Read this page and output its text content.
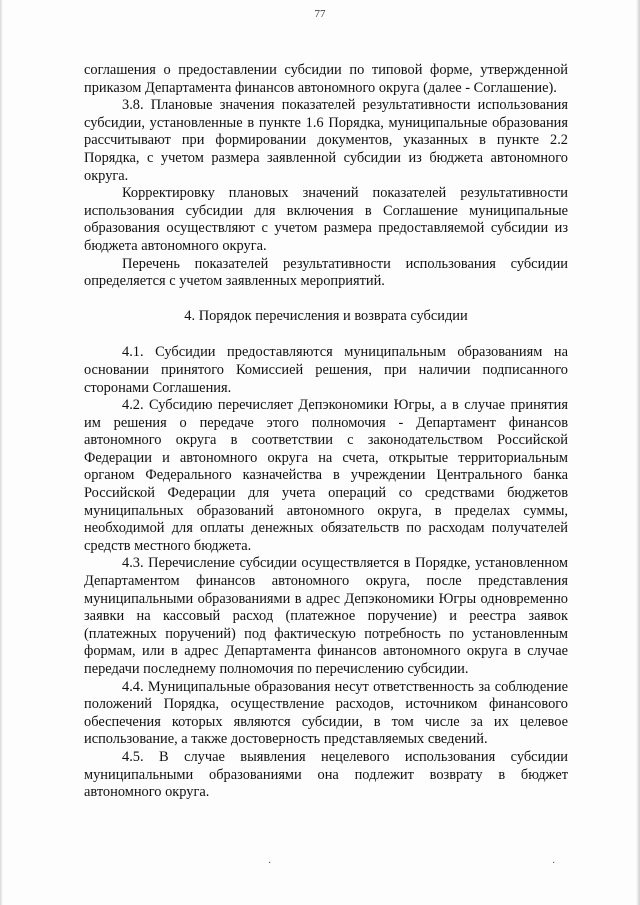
77

соглашения о предоставлении субсидии по типовой форме, утвержденной приказом Департамента финансов автономного округа (далее - Соглашение).

3.8. Плановые значения показателей результативности использования субсидии, установленные в пункте 1.6 Порядка, муниципальные образования рассчитывают при формировании документов, указанных в пункте 2.2 Порядка, с учетом размера заявленной субсидии из бюджета автономного округа.

Корректировку плановых значений показателей результативности использования субсидии для включения в Соглашение муниципальные образования осуществляют с учетом размера предоставляемой субсидии из бюджета автономного округа.

Перечень показателей результативности использования субсидии определяется с учетом заявленных мероприятий.

4. Порядок перечисления и возврата субсидии

4.1. Субсидии предоставляются муниципальным образованиям на основании принятого Комиссией решения, при наличии подписанного сторонами Соглашения.

4.2. Субсидию перечисляет Депэкономики Югры, а в случае принятия им решения о передаче этого полномочия - Департамент финансов автономного округа в соответствии с законодательством Российской Федерации и автономного округа на счета, открытые территориальным органом Федерального казначейства в учреждении Центрального банка Российской Федерации для учета операций со средствами бюджетов муниципальных образований автономного округа, в пределах суммы, необходимой для оплаты денежных обязательств по расходам получателей средств местного бюджета.

4.3. Перечисление субсидии осуществляется в Порядке, установленном Департаментом финансов автономного округа, после представления муниципальными образованиями в адрес Депэкономики Югры одновременно заявки на кассовый расход (платежное поручение) и реестра заявок (платежных поручений) под фактическую потребность по установленным формам, или в адрес Департамента финансов автономного округа в случае передачи последнему полномочия по перечислению субсидии.

4.4. Муниципальные образования несут ответственность за соблюдение положений Порядка, осуществление расходов, источником финансового обеспечения которых являются субсидии, в том числе за их целевое использование, а также достоверность представляемых сведений.

4.5. В случае выявления нецелевого использования субсидии муниципальными образованиями она подлежит возврату в бюджет автономного округа.

·	·
